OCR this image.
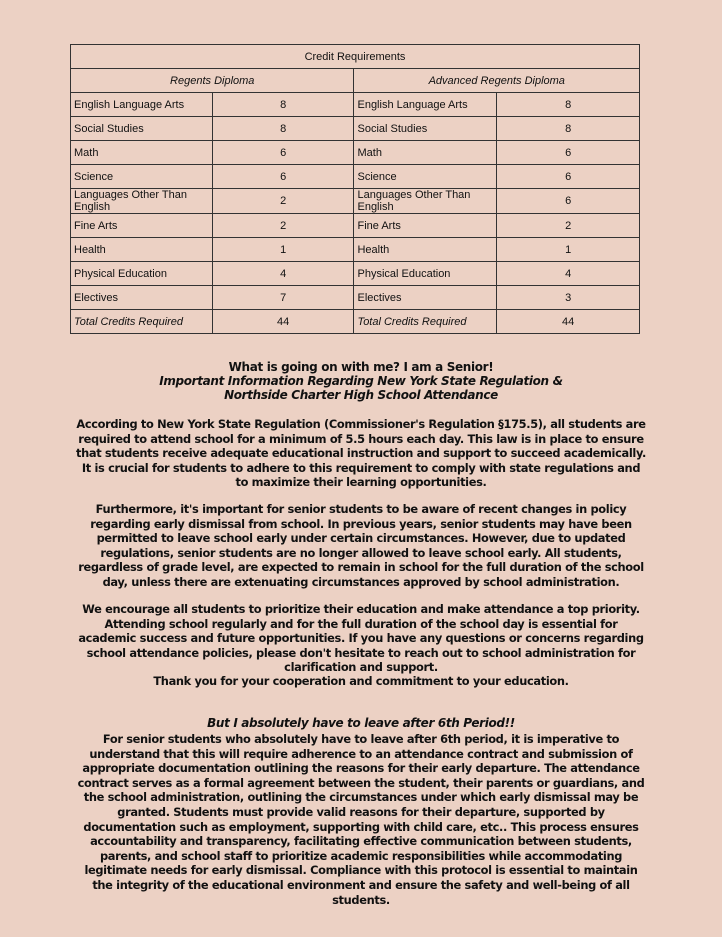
Credit Requirements			
Regents Diploma		Advanced Regents Diploma	
English Language Arts	8	English Language Arts	8
Social Studies	8	Social Studies	8
Math	6	Math	6
Science	6	Science	6
Languages Other Than English	2	Languages Other Than English	6
Fine Arts	2	Fine Arts	2
Health	1	Health	1
Physical Education	4	Physical Education	4
Electives	7	Electives	3
Total Credits Required	44	Total Credits Required	44

What is going on with me? I am a Senior!

Important Information Regarding New York State Regulation &

Northside Charter High School Attendance

According to New York State Regulation (Commissioner's Regulation §175.5), all students are required to attend school for a minimum of 5.5 hours each day. This law is in place to ensure that students receive adequate educational instruction and support to succeed academically. It is crucial for students to adhere to this requirement to comply with state regulations and to maximize their learning opportunities.

Furthermore, it's important for senior students to be aware of recent changes in policy regarding early dismissal from school. In previous years, senior students may have been permitted to leave school early under certain circumstances. However, due to updated regulations, senior students are no longer allowed to leave school early. All students, regardless of grade level, are expected to remain in school for the full duration of the school day, unless there are extenuating circumstances approved by school administration.

We encourage all students to prioritize their education and make attendance a top priority. Attending school regularly and for the full duration of the school day is essential for academic success and future opportunities. If you have any questions or concerns regarding school attendance policies, please don't hesitate to reach out to school administration for clarification and support.

Thank you for your cooperation and commitment to your education.

But I absolutely have to leave after 6th Period!!

For senior students who absolutely have to leave after 6th period, it is imperative to understand that this will require adherence to an attendance contract and submission of appropriate documentation outlining the reasons for their early departure. The attendance contract serves as a formal agreement between the student, their parents or guardians, and the school administration, outlining the circumstances under which early dismissal may be granted. Students must provide valid reasons for their departure, supported by documentation such as employment, supporting with child care, etc.. This process ensures accountability and transparency, facilitating effective communication between students, parents, and school staff to prioritize academic responsibilities while accommodating legitimate needs for early dismissal. Compliance with this protocol is essential to maintain the integrity of the educational environment and ensure the safety and well-being of all students.
